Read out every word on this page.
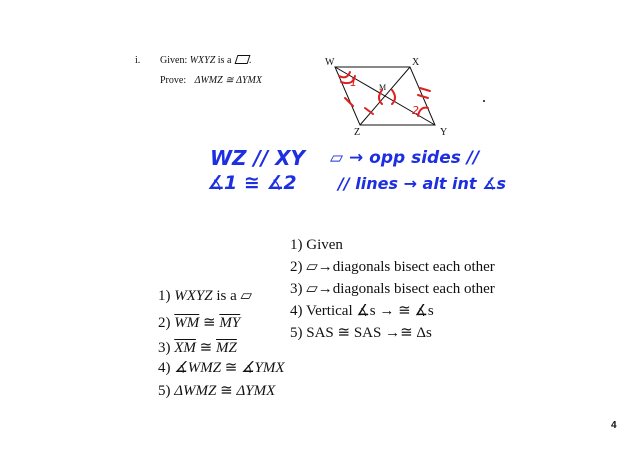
i. Given: WXYZ is a .
Prove: ΔWMZ ≅ ΔYMX
W	X
Z	Y
M
1
2
WZ // XY
∡1 ≅ ∡2
▱ → opp sides //
// lines → alt int ∡s
1) WXYZ is a ▱
2) $\overline{WM}$ ≅ $\overline{MY}$
3) $\overline{XM}$ ≅ $\overline{MZ}$
4) ∡WMZ ≅ ∡YMX
5) ΔWMZ ≅ ΔYMX
1) Given
2) ▱→diagonals bisect each other
3) ▱→diagonals bisect each other
4) Vertical ∡s → ≅ ∡s
5) SAS ≅ SAS →≅ Δs
4
